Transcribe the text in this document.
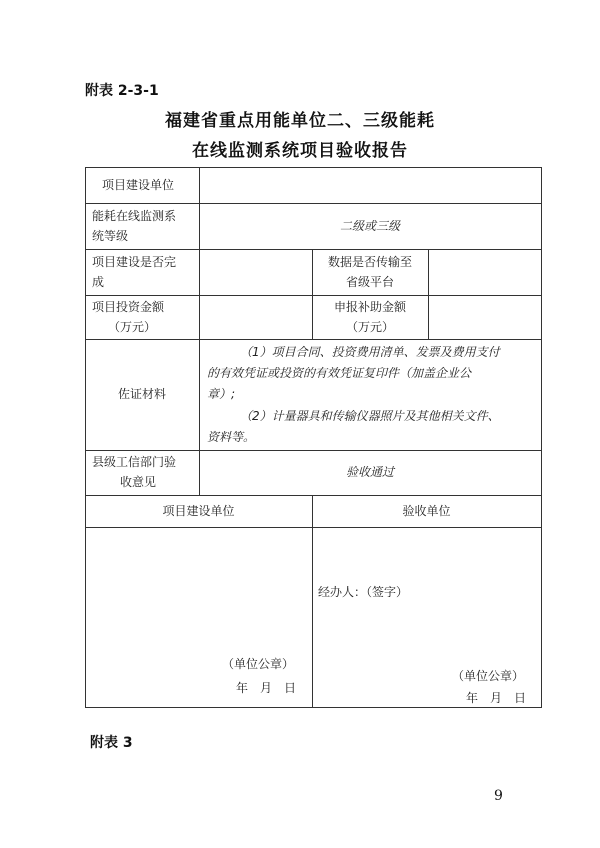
附表 2-3-1
福建省重点用能单位二、三级能耗
在线监测系统项目验收报告
项目建设单位
能耗在线监测系
统等级
二级或三级
项目建设是否完
成
数据是否传输至
省级平台
项目投资金额
（万元）
申报补助金额
（万元）
佐证材料
（1）项目合同、投资费用清单、发票及费用支付
的有效凭证或投资的有效凭证复印件（加盖企业公
章）;
（2）计量器具和传输仪器照片及其他相关文件、
资料等。
县级工信部门验
收意见
验收通过
项目建设单位	验收单位
经办人：（签字）
（单位公章）
年　月　日
（单位公章）
年　月　日
附表 3
9
